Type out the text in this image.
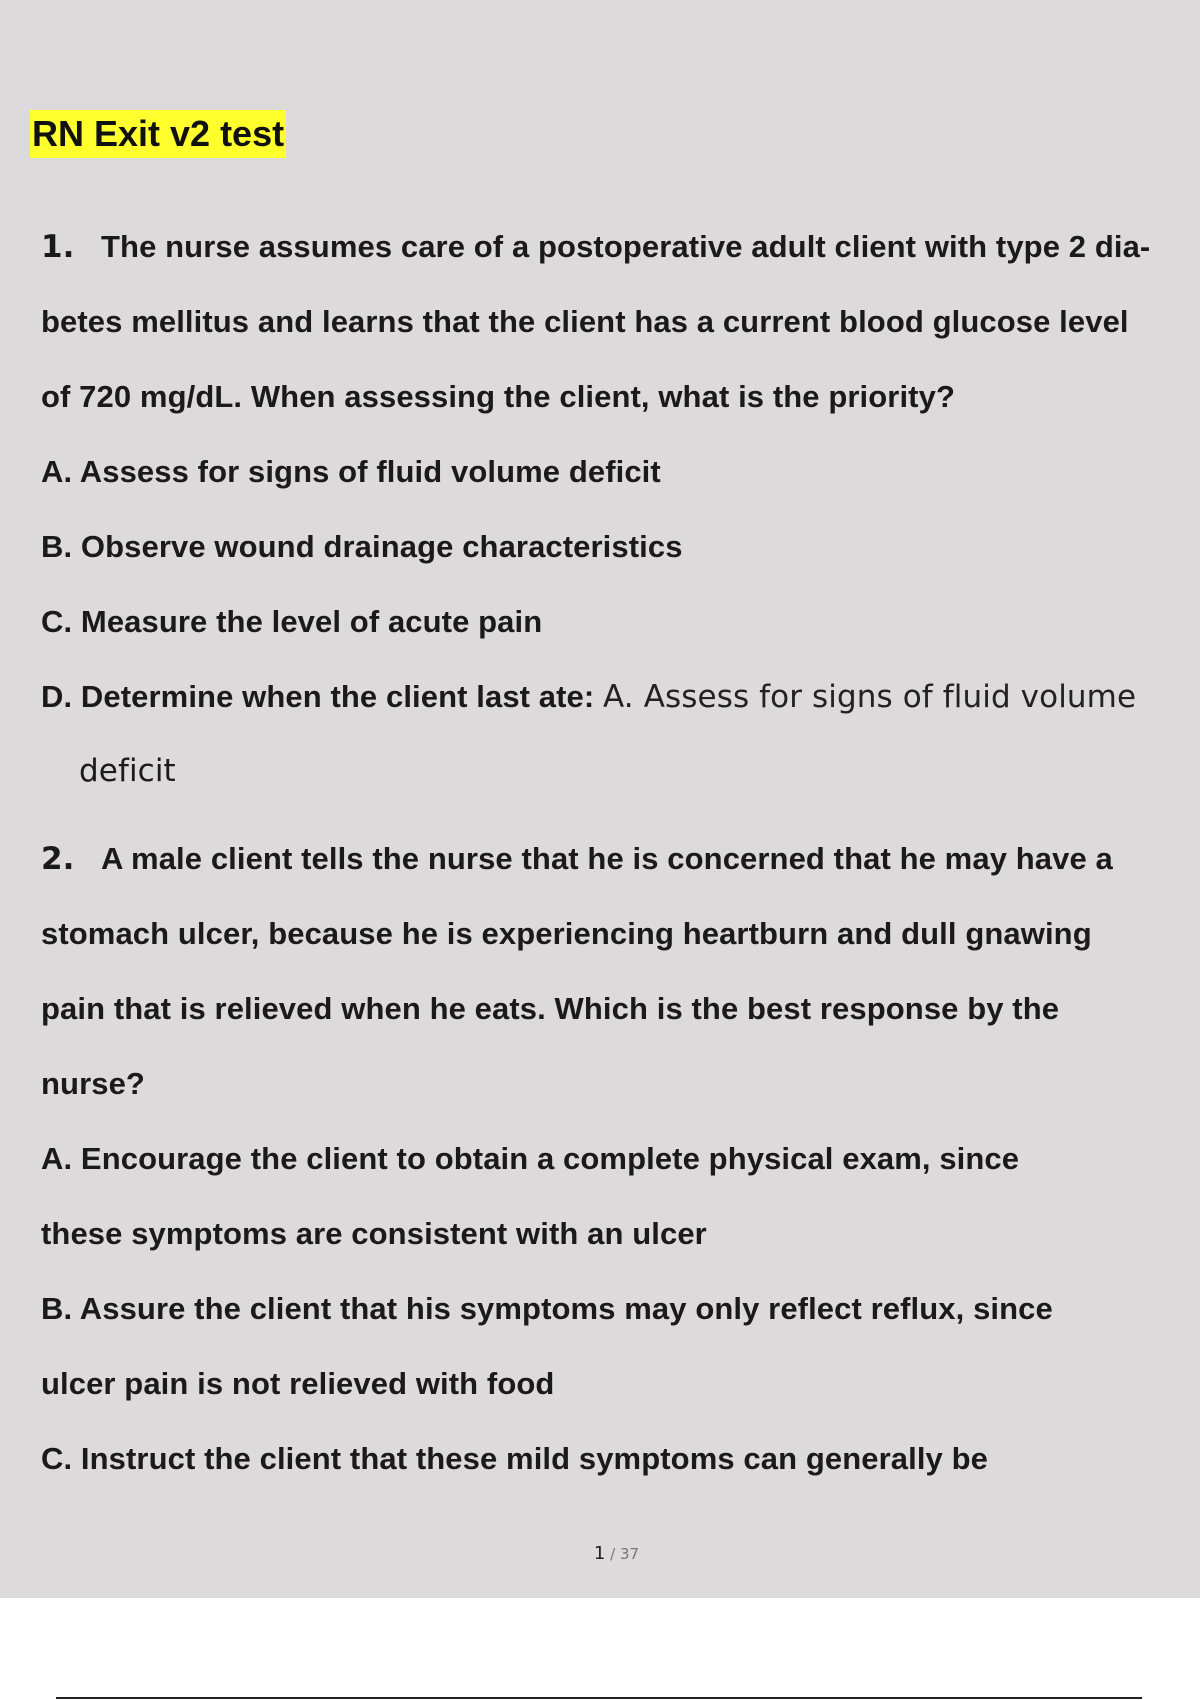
RN Exit v2 test
1. The nurse assumes care of a postoperative adult client with type 2 dia-
betes mellitus and learns that the client has a current blood glucose level
of 720 mg/dL. When assessing the client, what is the priority?
A. Assess for signs of fluid volume deficit
B. Observe wound drainage characteristics
C. Measure the level of acute pain
D. Determine when the client last ate: A. Assess for signs of fluid volume
deficit
2. A male client tells the nurse that he is concerned that he may have a
stomach ulcer, because he is experiencing heartburn and dull gnawing
pain that is relieved when he eats. Which is the best response by the
nurse?
A. Encourage the client to obtain a complete physical exam, since
these symptoms are consistent with an ulcer
B. Assure the client that his symptoms may only reflect reflux, since
ulcer pain is not relieved with food
C. Instruct the client that these mild symptoms can generally be
1 / 37
